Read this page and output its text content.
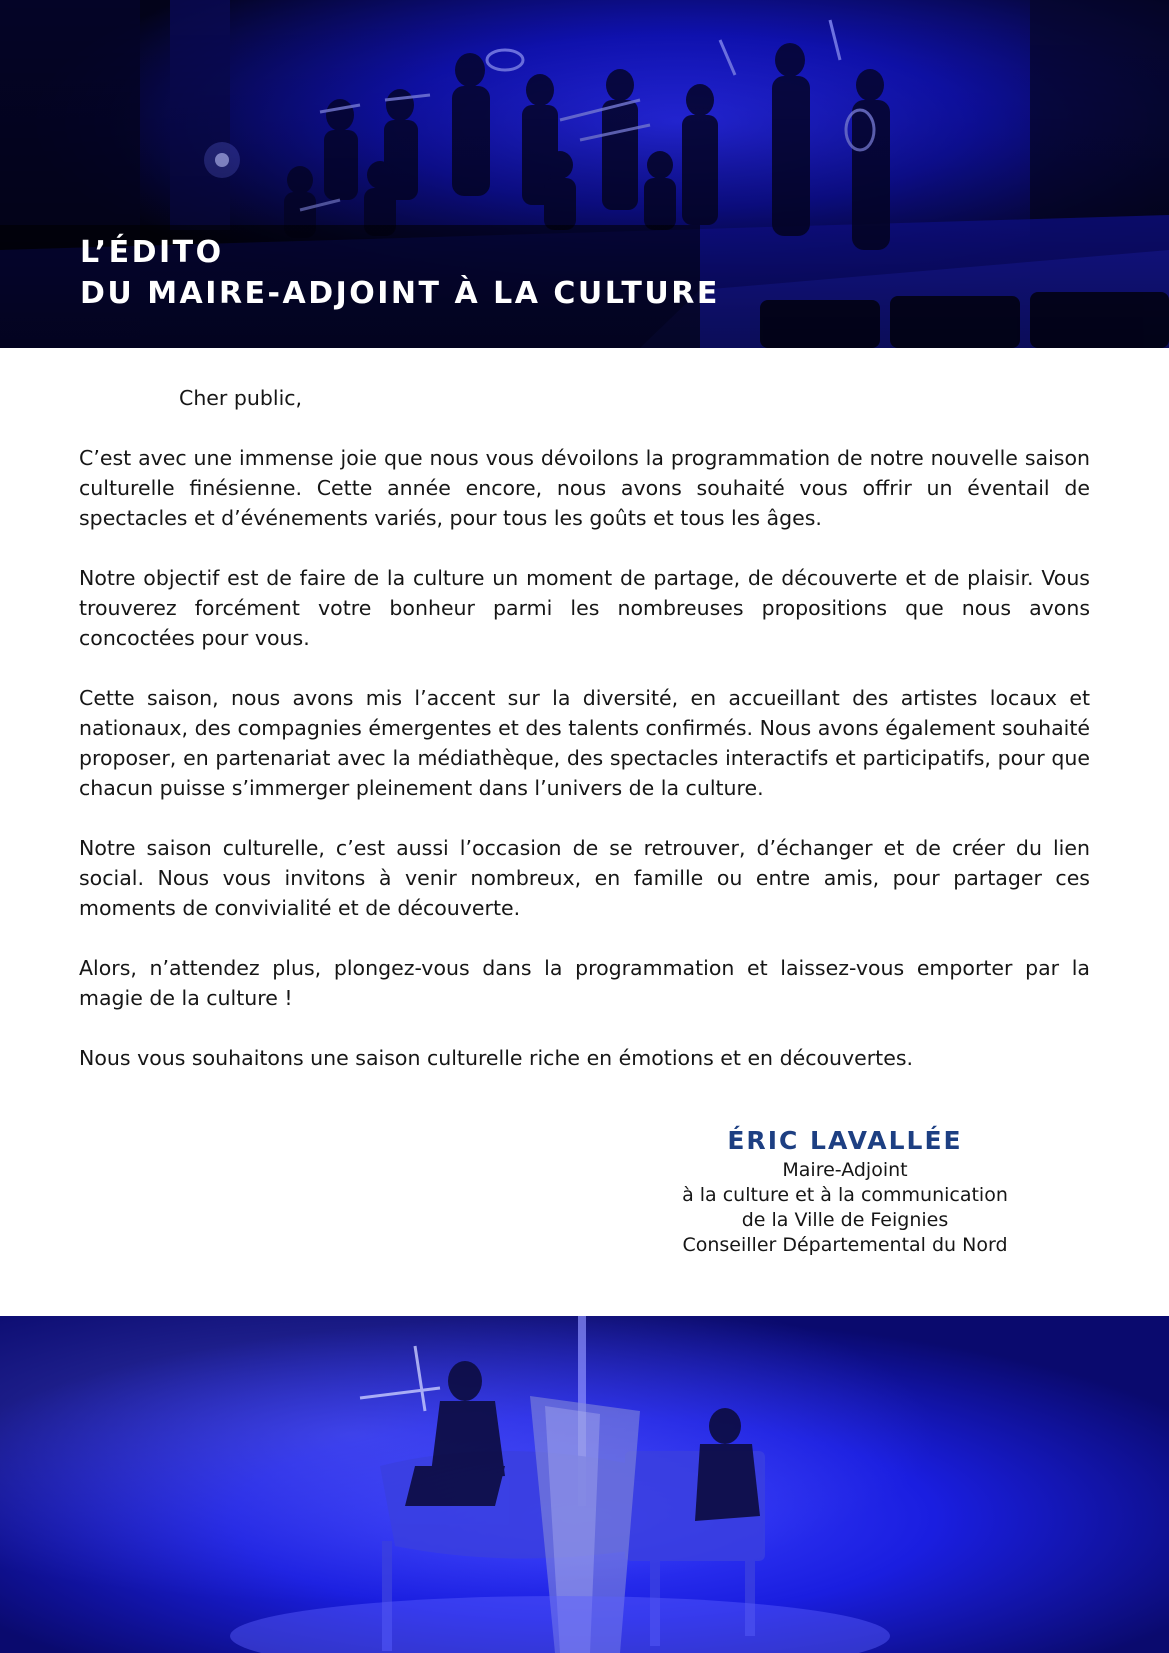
L’ÉDITO
DU MAIRE-ADJOINT À LA CULTURE
Cher public,

C’est avec une immense joie que nous vous dévoilons la programmation de notre nouvelle saison culturelle finésienne. Cette année encore, nous avons souhaité vous offrir un éventail de spectacles et d’événements variés, pour tous les goûts et tous les âges.

Notre objectif est de faire de la culture un moment de partage, de découverte et de plaisir. Vous trouverez forcément votre bonheur parmi les nombreuses propositions que nous avons concoctées pour vous.

Cette saison, nous avons mis l’accent sur la diversité, en accueillant des artistes locaux et nationaux, des compagnies émergentes et des talents confirmés. Nous avons également souhaité proposer, en partenariat avec la médiathèque, des spectacles interactifs et participatifs, pour que chacun puisse s’immerger pleinement dans l’univers de la culture.

Notre saison culturelle, c’est aussi l’occasion de se retrouver, d’échanger et de créer du lien social. Nous vous invitons à venir nombreux, en famille ou entre amis, pour partager ces moments de convivialité et de découverte.

Alors, n’attendez plus, plongez-vous dans la programmation et laissez-vous emporter par la magie de la culture !

Nous vous souhaitons une saison culturelle riche en émotions et en découvertes.

ÉRIC LAVALLÉE
Maire-Adjoint
à la culture et à la communication
de la Ville de Feignies
Conseiller Départemental du Nord
